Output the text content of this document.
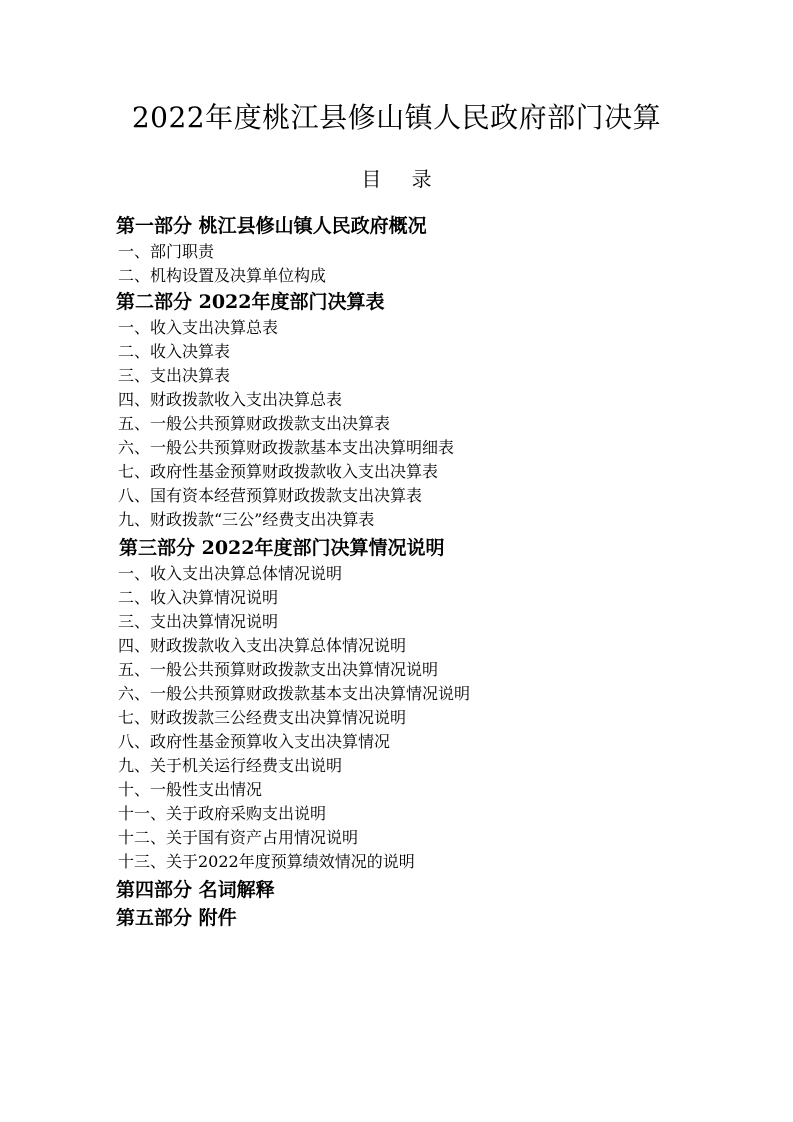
2022年度桃江县修山镇人民政府部门决算
目 录
第一部分 桃江县修山镇人民政府概况
一、部门职责
二、机构设置及决算单位构成
第二部分 2022年度部门决算表
一、收入支出决算总表
二、收入决算表
三、支出决算表
四、财政拨款收入支出决算总表
五、一般公共预算财政拨款支出决算表
六、一般公共预算财政拨款基本支出决算明细表
七、政府性基金预算财政拨款收入支出决算表
八、国有资本经营预算财政拨款支出决算表
九、财政拨款“三公”经费支出决算表
第三部分 2022年度部门决算情况说明
一、收入支出决算总体情况说明
二、收入决算情况说明
三、支出决算情况说明
四、财政拨款收入支出决算总体情况说明
五、一般公共预算财政拨款支出决算情况说明
六、一般公共预算财政拨款基本支出决算情况说明
七、财政拨款三公经费支出决算情况说明
八、政府性基金预算收入支出决算情况
九、关于机关运行经费支出说明
十、一般性支出情况
十一、关于政府采购支出说明
十二、关于国有资产占用情况说明
十三、关于2022年度预算绩效情况的说明
第四部分 名词解释
第五部分 附件
